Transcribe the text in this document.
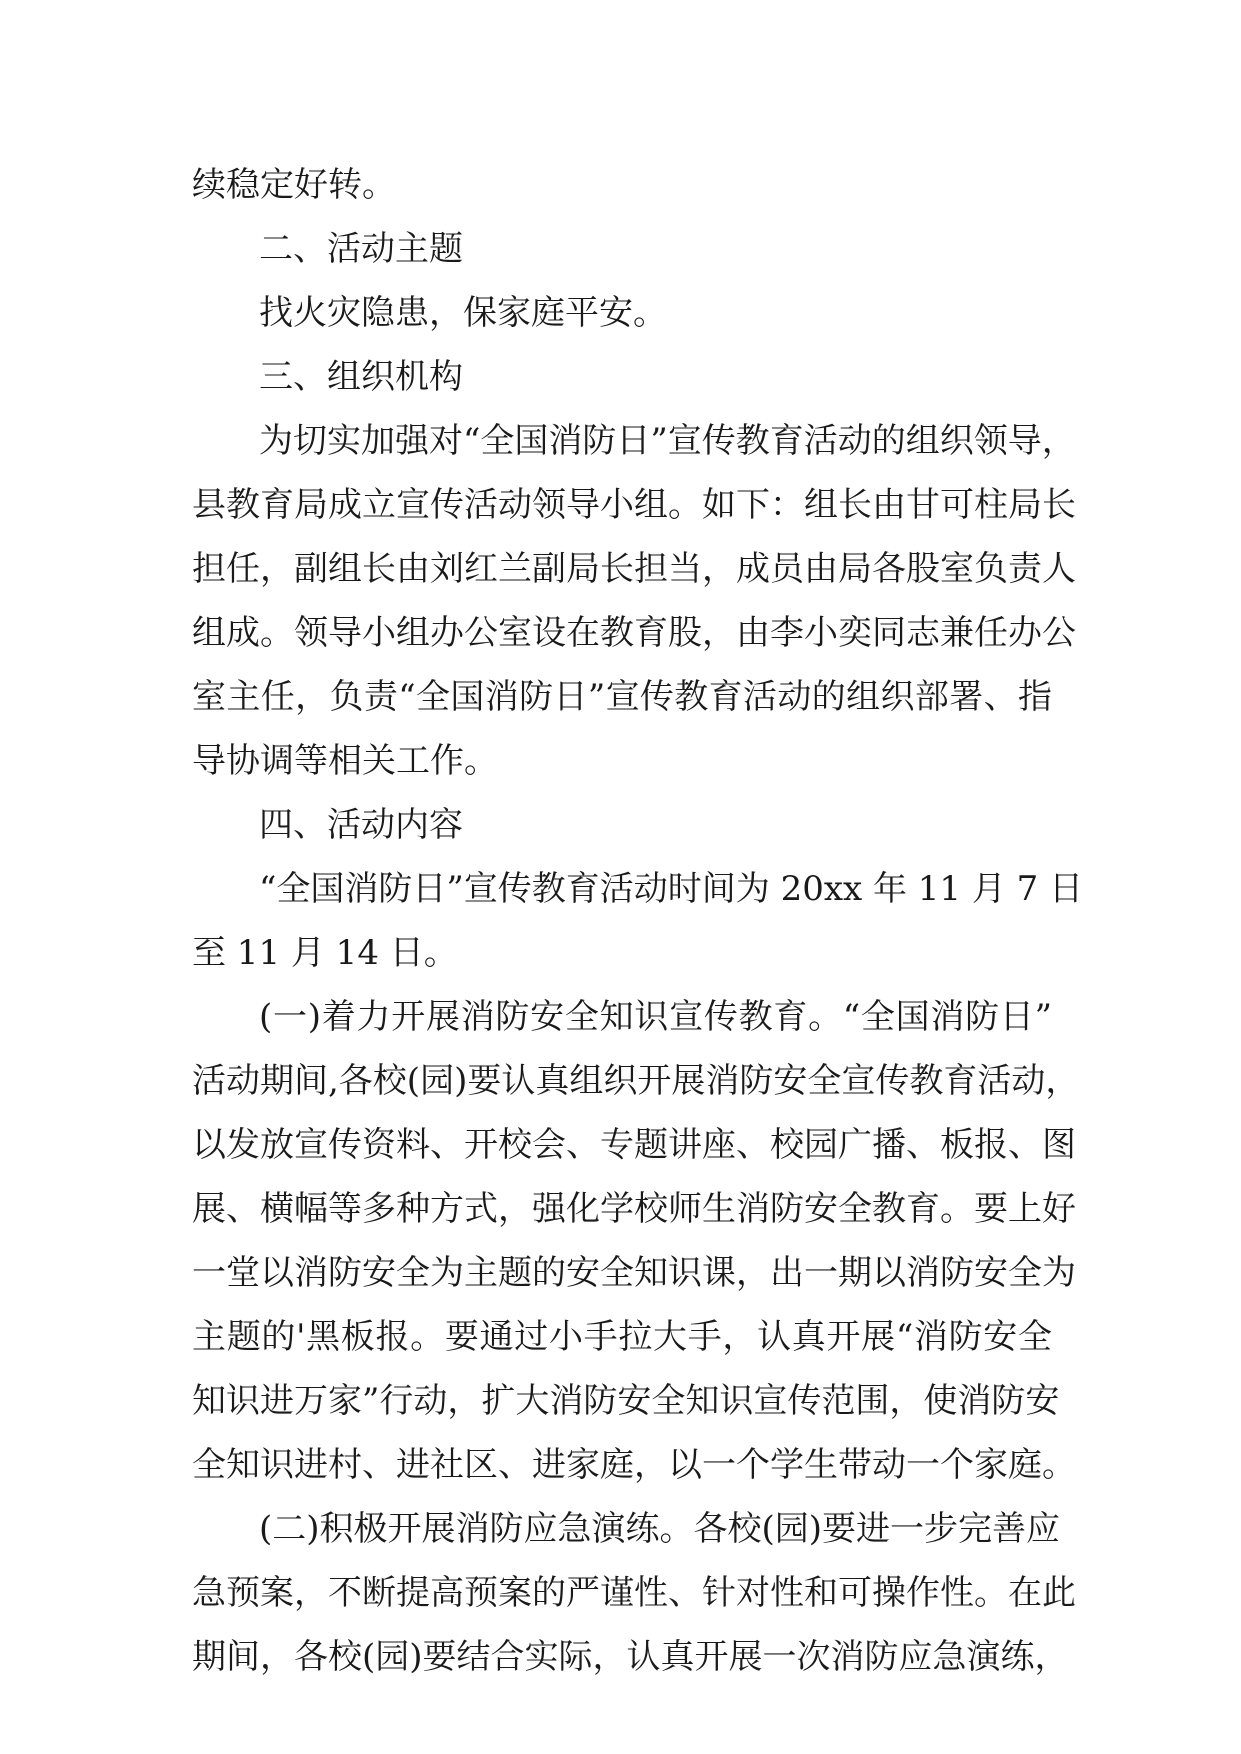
续稳定好转。
二、活动主题
找火灾隐患，保家庭平安。
三、组织机构
为切实加强对“全国消防日”宣传教育活动的组织领导，
县教育局成立宣传活动领导小组。如下：组长由甘可柱局长
担任，副组长由刘红兰副局长担当，成员由局各股室负责人
组成。领导小组办公室设在教育股，由李小奕同志兼任办公
室主任，负责“全国消防日”宣传教育活动的组织部署、指
导协调等相关工作。
四、活动内容
“全国消防日”宣传教育活动时间为 20xx 年 11 月 7 日
至 11 月 14 日。
(一)着力开展消防安全知识宣传教育。“全国消防日”
活动期间,各校(园)要认真组织开展消防安全宣传教育活动，
以发放宣传资料、开校会、专题讲座、校园广播、板报、图
展、横幅等多种方式，强化学校师生消防安全教育。要上好
一堂以消防安全为主题的安全知识课，出一期以消防安全为
主题的'黑板报。要通过小手拉大手，认真开展“消防安全
知识进万家”行动，扩大消防安全知识宣传范围，使消防安
全知识进村、进社区、进家庭，以一个学生带动一个家庭。
(二)积极开展消防应急演练。各校(园)要进一步完善应
急预案，不断提高预案的严谨性、针对性和可操作性。在此
期间，各校(园)要结合实际，认真开展一次消防应急演练，
